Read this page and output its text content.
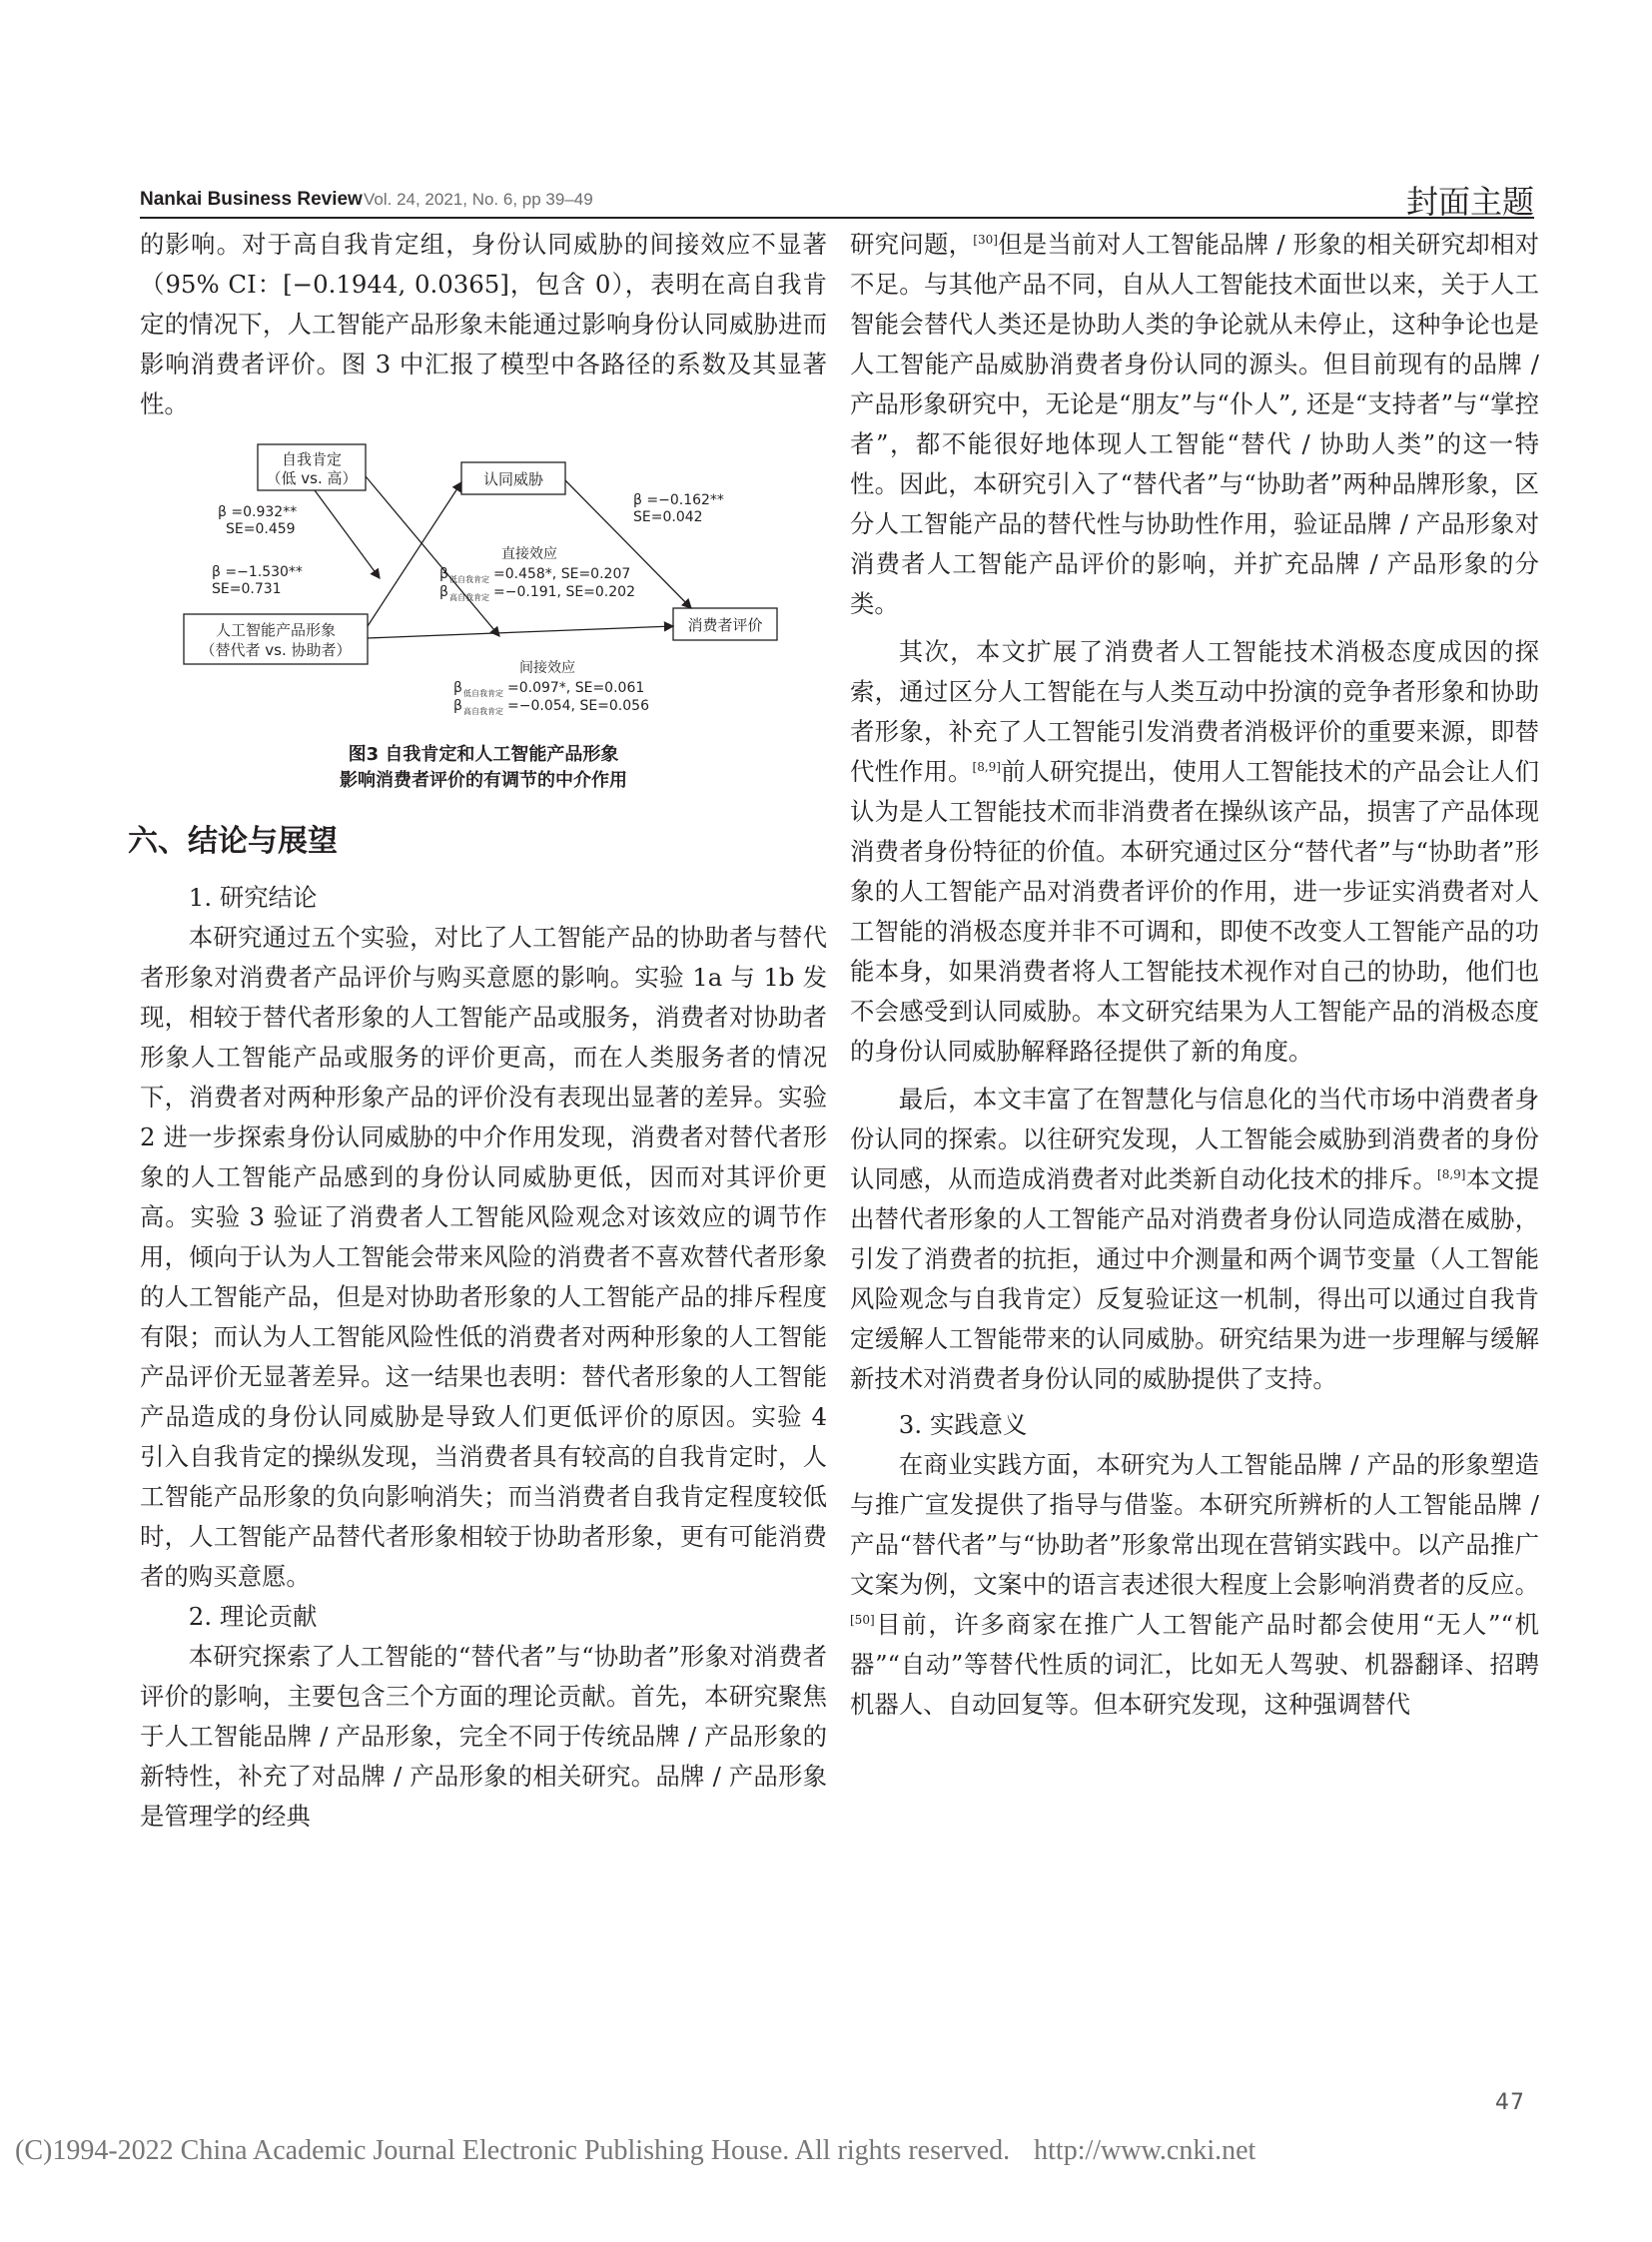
Nankai Business Review Vol. 24, 2021, No. 6, pp 39–49	封面主题

的影响。对于高自我肯定组，身份认同威胁的间接效应不显著（95% CI：[−0.1944, 0.0365]，包含 0），表明在高自我肯定的情况下，人工智能产品形象未能通过影响身份认同威胁进而影响消费者评价。图 3 中汇报了模型中各路径的系数及其显著性。

自我肯定
（低 vs. 高）	认同威胁
人工智能产品形象
（替代者 vs. 协助者）
消费者评价
β =0.932**
SE=0.459
β =−1.530**
SE=0.731
β =−0.162**
SE=0.042
直接效应
β 低自我肯定 =0.458*, SE=0.207
β 高自我肯定 =−0.191, SE=0.202
间接效应
β 低自我肯定 =0.097*, SE=0.061
β 高自我肯定 =−0.054, SE=0.056
图3 自我肯定和人工智能产品形象
影响消费者评价的有调节的中介作用
六、结论与展望

1. 研究结论

本研究通过五个实验，对比了人工智能产品的协助者与替代者形象对消费者产品评价与购买意愿的影响。实验 1a 与 1b 发现，相较于替代者形象的人工智能产品或服务，消费者对协助者形象人工智能产品或服务的评价更高，而在人类服务者的情况下，消费者对两种形象产品的评价没有表现出显著的差异。实验 2 进一步探索身份认同威胁的中介作用发现，消费者对替代者形象的人工智能产品感到的身份认同威胁更低，因而对其评价更高。实验 3 验证了消费者人工智能风险观念对该效应的调节作用，倾向于认为人工智能会带来风险的消费者不喜欢替代者形象的人工智能产品，但是对协助者形象的人工智能产品的排斥程度有限；而认为人工智能风险性低的消费者对两种形象的人工智能产品评价无显著差异。这一结果也表明：替代者形象的人工智能产品造成的身份认同威胁是导致人们更低评价的原因。实验 4 引入自我肯定的操纵发现，当消费者具有较高的自我肯定时，人工智能产品形象的负向影响消失；而当消费者自我肯定程度较低时，人工智能产品替代者形象相较于协助者形象，更有可能消费者的购买意愿。

2. 理论贡献

本研究探索了人工智能的“替代者”与“协助者”形象对消费者评价的影响，主要包含三个方面的理论贡献。首先，本研究聚焦于人工智能品牌 / 产品形象，完全不同于传统品牌 / 产品形象的新特性，补充了对品牌 / 产品形象的相关研究。品牌 / 产品形象是管理学的经典

研究问题，[30]但是当前对人工智能品牌 / 形象的相关研究却相对不足。与其他产品不同，自从人工智能技术面世以来，关于人工智能会替代人类还是协助人类的争论就从未停止，这种争论也是人工智能产品威胁消费者身份认同的源头。但目前现有的品牌 / 产品形象研究中，无论是“朋友”与“仆人”, 还是“支持者”与“掌控者”，都不能很好地体现人工智能“替代 / 协助人类”的这一特性。因此，本研究引入了“替代者”与“协助者”两种品牌形象，区分人工智能产品的替代性与协助性作用，验证品牌 / 产品形象对消费者人工智能产品评价的影响，并扩充品牌 / 产品形象的分类。

其次，本文扩展了消费者人工智能技术消极态度成因的探索，通过区分人工智能在与人类互动中扮演的竞争者形象和协助者形象，补充了人工智能引发消费者消极评价的重要来源，即替代性作用。[8,9]前人研究提出，使用人工智能技术的产品会让人们认为是人工智能技术而非消费者在操纵该产品，损害了产品体现消费者身份特征的价值。本研究通过区分“替代者”与“协助者”形象的人工智能产品对消费者评价的作用，进一步证实消费者对人工智能的消极态度并非不可调和，即使不改变人工智能产品的功能本身，如果消费者将人工智能技术视作对自己的协助，他们也不会感受到认同威胁。本文研究结果为人工智能产品的消极态度的身份认同威胁解释路径提供了新的角度。

最后，本文丰富了在智慧化与信息化的当代市场中消费者身份认同的探索。以往研究发现，人工智能会威胁到消费者的身份认同感，从而造成消费者对此类新自动化技术的排斥。[8,9]本文提出替代者形象的人工智能产品对消费者身份认同造成潜在威胁，引发了消费者的抗拒，通过中介测量和两个调节变量（人工智能风险观念与自我肯定）反复验证这一机制，得出可以通过自我肯定缓解人工智能带来的认同威胁。研究结果为进一步理解与缓解新技术对消费者身份认同的威胁提供了支持。

3. 实践意义

在商业实践方面，本研究为人工智能品牌 / 产品的形象塑造与推广宣发提供了指导与借鉴。本研究所辨析的人工智能品牌 / 产品“替代者”与“协助者”形象常出现在营销实践中。以产品推广文案为例，文案中的语言表述很大程度上会影响消费者的反应。[50]目前，许多商家在推广人工智能产品时都会使用“无人”“机器”“自动”等替代性质的词汇，比如无人驾驶、机器翻译、招聘机器人、自动回复等。但本研究发现，这种强调替代

47
(C)1994-2022 China Academic Journal Electronic Publishing House. All rights reserved. http://www.cnki.net
